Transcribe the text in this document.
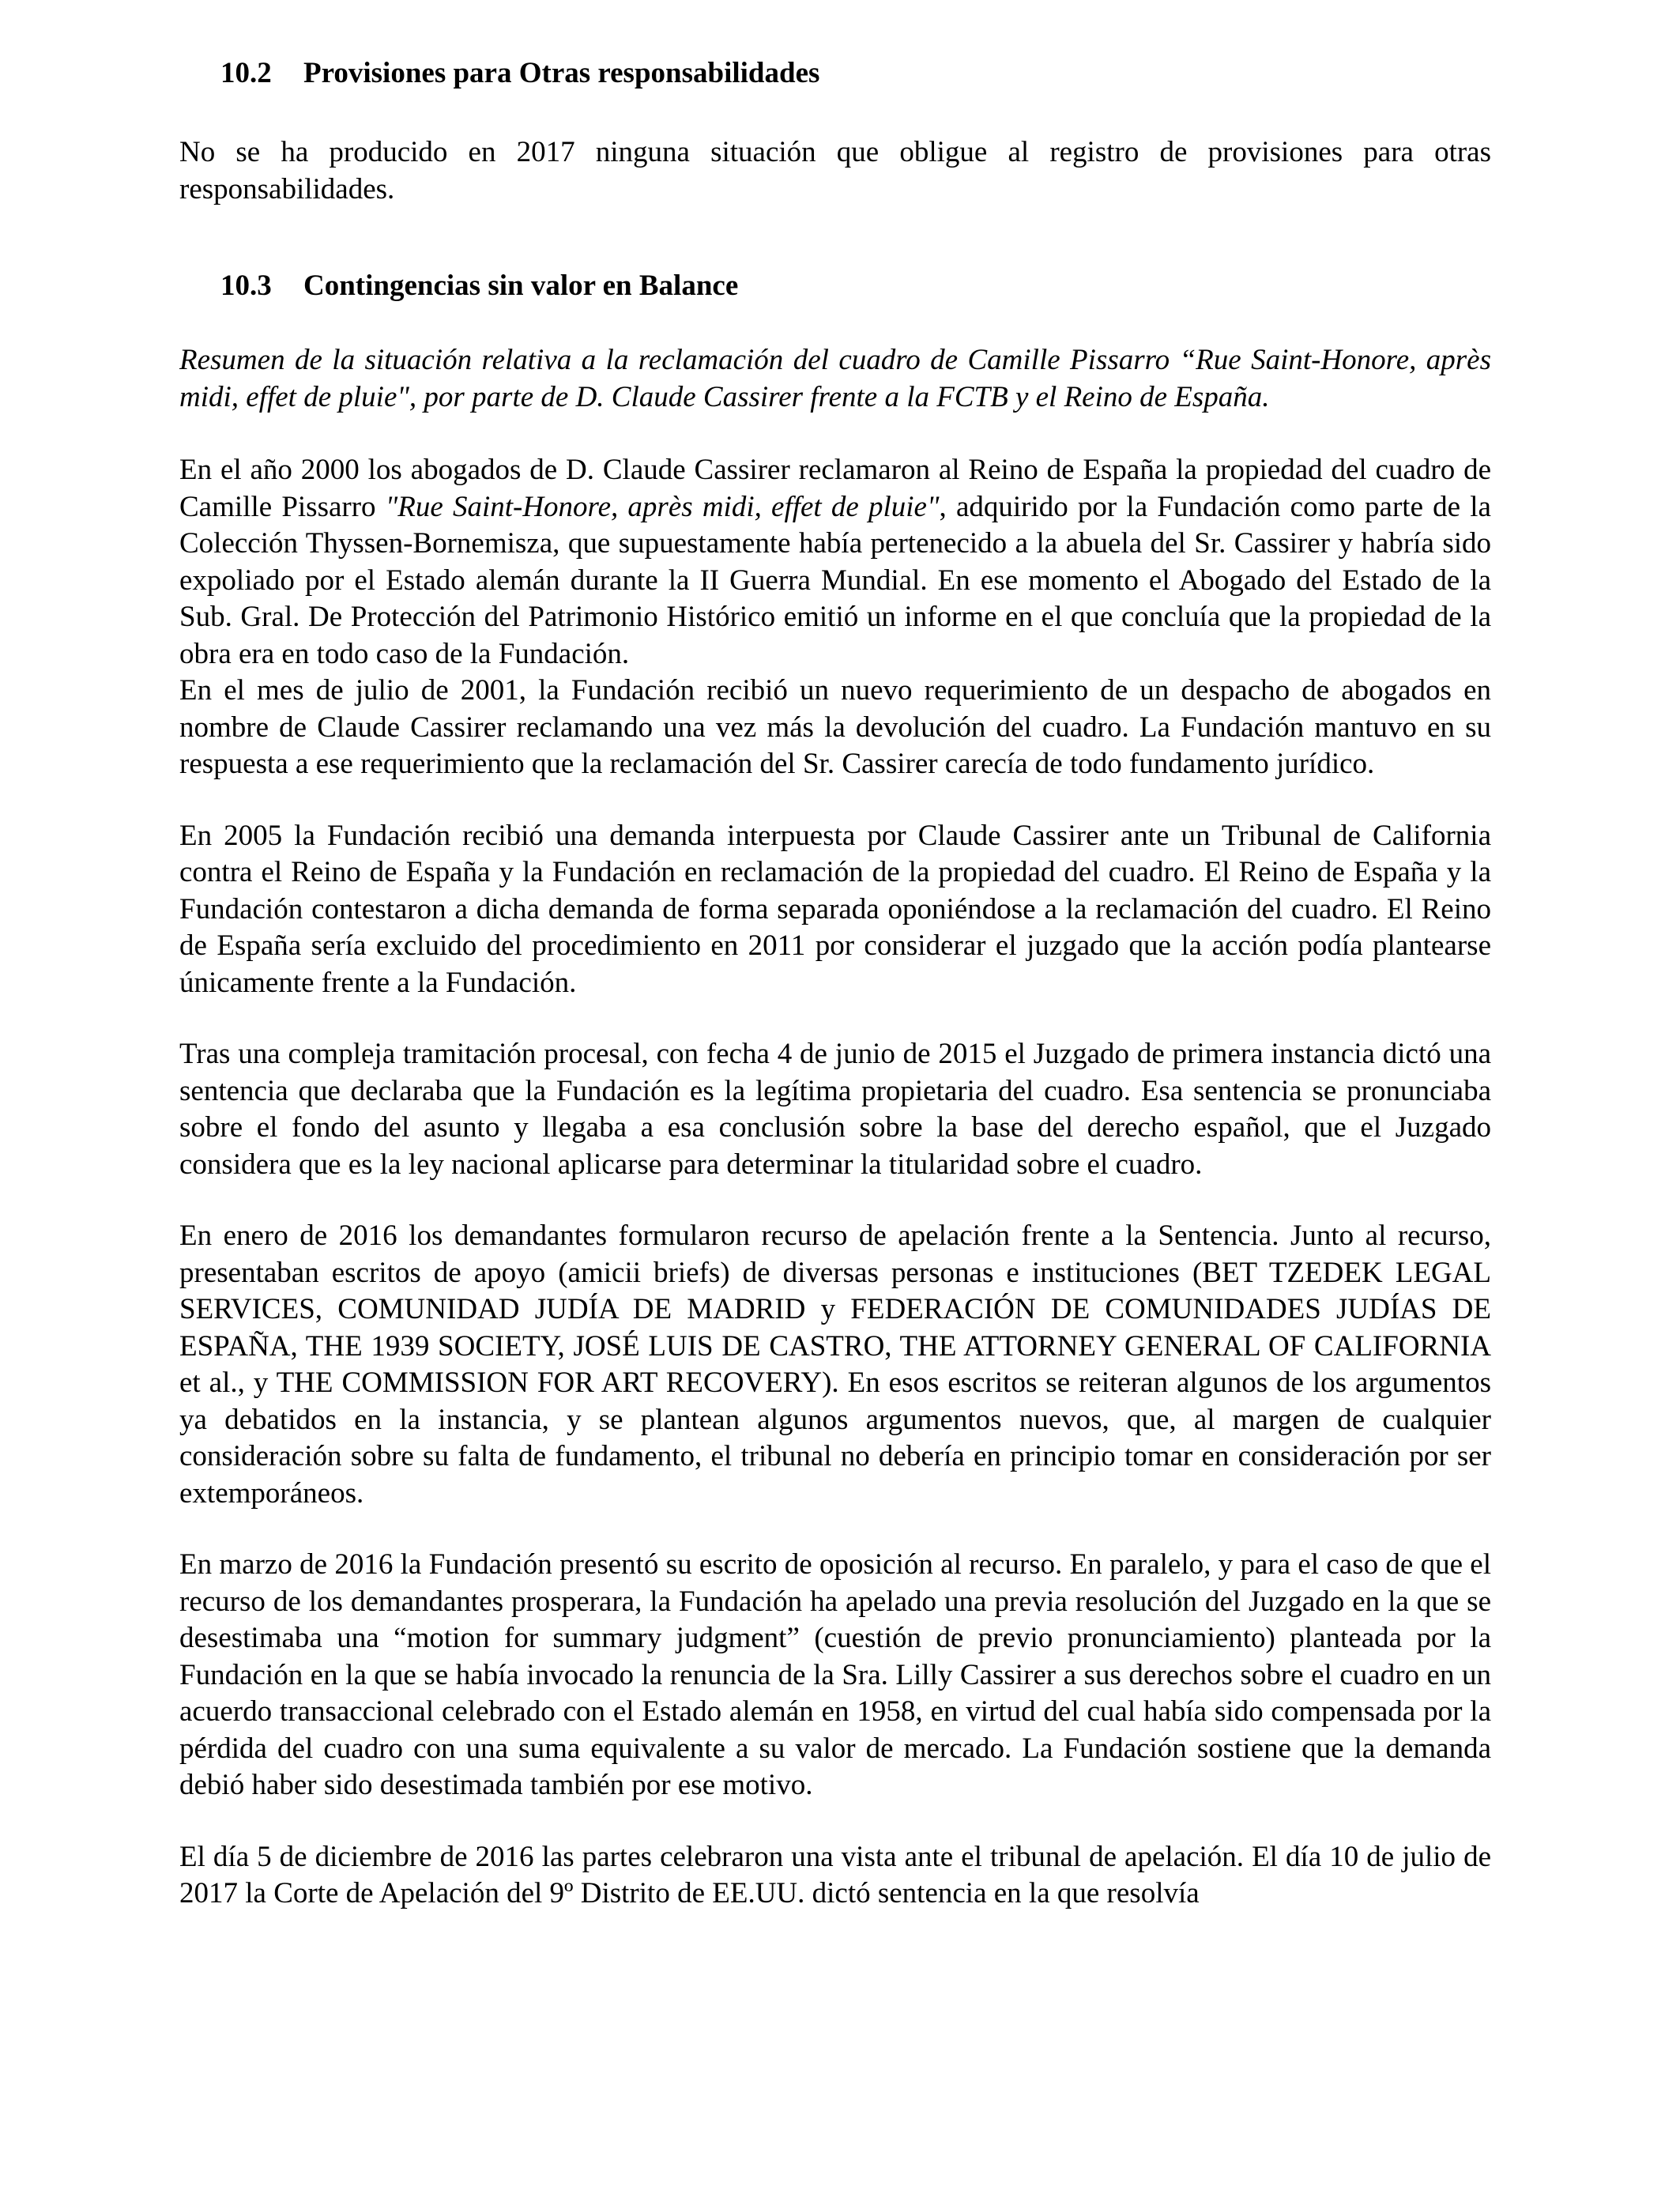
10.2 Provisiones para Otras responsabilidades

No se ha producido en 2017 ninguna situación que obligue al registro de provisiones para otras responsabilidades.

10.3 Contingencias sin valor en Balance

Resumen de la situación relativa a la reclamación del cuadro de Camille Pissarro “Rue Saint-Honore, après midi, effet de pluie", por parte de D. Claude Cassirer frente a la FCTB y el Reino de España.

En el año 2000 los abogados de D. Claude Cassirer reclamaron al Reino de España la propiedad del cuadro de Camille Pissarro "Rue Saint-Honore, après midi, effet de pluie", adquirido por la Fundación como parte de la Colección Thyssen-Bornemisza, que supuestamente había pertenecido a la abuela del Sr. Cassirer y habría sido expoliado por el Estado alemán durante la II Guerra Mundial. En ese momento el Abogado del Estado de la Sub. Gral. De Protección del Patrimonio Histórico emitió un informe en el que concluía que la propiedad de la obra era en todo caso de la Fundación.

En el mes de julio de 2001, la Fundación recibió un nuevo requerimiento de un despacho de abogados en nombre de Claude Cassirer reclamando una vez más la devolución del cuadro. La Fundación mantuvo en su respuesta a ese requerimiento que la reclamación del Sr. Cassirer carecía de todo fundamento jurídico.

En 2005 la Fundación recibió una demanda interpuesta por Claude Cassirer ante un Tribunal de California contra el Reino de España y la Fundación en reclamación de la propiedad del cuadro. El Reino de España y la Fundación contestaron a dicha demanda de forma separada oponiéndose a la reclamación del cuadro. El Reino de España sería excluido del procedimiento en 2011 por considerar el juzgado que la acción podía plantearse únicamente frente a la Fundación.

Tras una compleja tramitación procesal, con fecha 4 de junio de 2015 el Juzgado de primera instancia dictó una sentencia que declaraba que la Fundación es la legítima propietaria del cuadro. Esa sentencia se pronunciaba sobre el fondo del asunto y llegaba a esa conclusión sobre la base del derecho español, que el Juzgado considera que es la ley nacional aplicarse para determinar la titularidad sobre el cuadro.

En enero de 2016 los demandantes formularon recurso de apelación frente a la Sentencia. Junto al recurso, presentaban escritos de apoyo (amicii briefs) de diversas personas e instituciones (BET TZEDEK LEGAL SERVICES, COMUNIDAD JUDÍA DE MADRID y FEDERACIÓN DE COMUNIDADES JUDÍAS DE ESPAÑA, THE 1939 SOCIETY, JOSÉ LUIS DE CASTRO, THE ATTORNEY GENERAL OF CALIFORNIA et al., y THE COMMISSION FOR ART RECOVERY). En esos escritos se reiteran algunos de los argumentos ya debatidos en la instancia, y se plantean algunos argumentos nuevos, que, al margen de cualquier consideración sobre su falta de fundamento, el tribunal no debería en principio tomar en consideración por ser extemporáneos.

En marzo de 2016 la Fundación presentó su escrito de oposición al recurso. En paralelo, y para el caso de que el recurso de los demandantes prosperara, la Fundación ha apelado una previa resolución del Juzgado en la que se desestimaba una “motion for summary judgment” (cuestión de previo pronunciamiento) planteada por la Fundación en la que se había invocado la renuncia de la Sra. Lilly Cassirer a sus derechos sobre el cuadro en un acuerdo transaccional celebrado con el Estado alemán en 1958, en virtud del cual había sido compensada por la pérdida del cuadro con una suma equivalente a su valor de mercado. La Fundación sostiene que la demanda debió haber sido desestimada también por ese motivo.

El día 5 de diciembre de 2016 las partes celebraron una vista ante el tribunal de apelación. El día 10 de julio de 2017 la Corte de Apelación del 9º Distrito de EE.UU. dictó sentencia en la que resolvía
